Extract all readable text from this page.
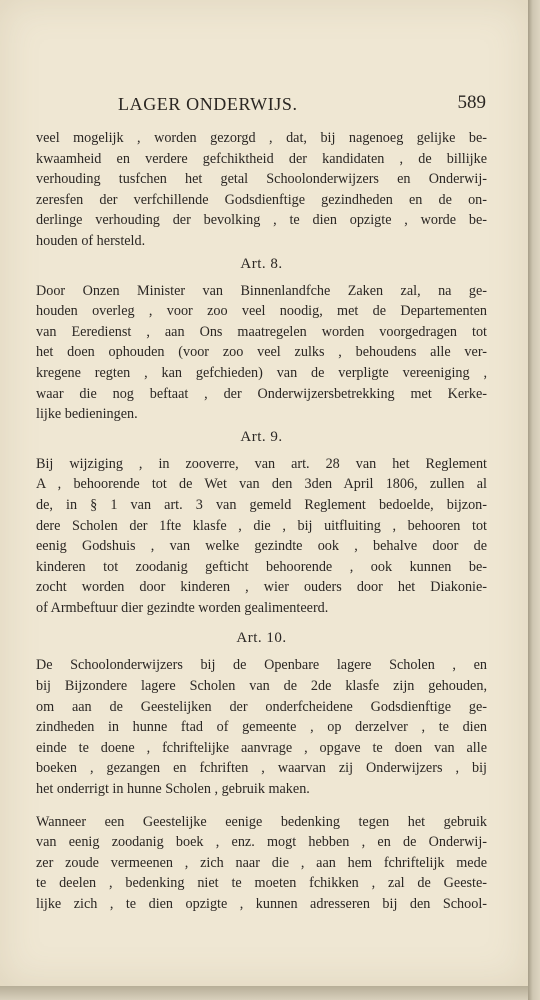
LAGER ONDERWIJS.	589
veel mogelijk , worden gezorgd , dat, bij nagenoeg gelijke be-
kwaamheid en verdere gefchiktheid der kandidaten , de billijke
verhouding tusfchen het getal Schoolonderwijzers en Onderwij-
zeresfen der verfchillende Godsdienftige gezindheden en de on-
derlinge verhouding der bevolking , te dien opzigte , worde be-
houden of hersteld.
Art. 8.
Door Onzen Minister van Binnenlandfche Zaken zal, na ge-
houden overleg , voor zoo veel noodig, met de Departementen
van Eeredienst , aan Ons maatregelen worden voorgedragen tot
het doen ophouden (voor zoo veel zulks , behoudens alle ver-
kregene regten , kan gefchieden) van de verpligte vereeniging ,
waar die nog beftaat , der Onderwijzersbetrekking met Kerke-
lijke bedieningen.
Art. 9.
Bij wijziging , in zooverre, van art. 28 van het Reglement
A , behoorende tot de Wet van den 3den April 1806, zullen al
de, in § 1 van art. 3 van gemeld Reglement bedoelde, bijzon-
dere Scholen der 1fte klasfe , die , bij uitfluiting , behooren tot
eenig Godshuis , van welke gezindte ook , behalve door de
kinderen tot zoodanig gefticht behoorende , ook kunnen be-
zocht worden door kinderen , wier ouders door het Diakonie-
of Armbeftuur dier gezindte worden gealimenteerd.
Art. 10.
De Schoolonderwijzers bij de Openbare lagere Scholen , en
bij Bijzondere lagere Scholen van de 2de klasfe zijn gehouden,
om aan de Geestelijken der onderfcheidene Godsdienftige ge-
zindheden in hunne ftad of gemeente , op derzelver , te dien
einde te doene , fchriftelijke aanvrage , opgave te doen van alle
boeken , gezangen en fchriften , waarvan zij Onderwijzers , bij
het onderrigt in hunne Scholen , gebruik maken.
Wanneer een Geestelijke eenige bedenking tegen het gebruik
van eenig zoodanig boek , enz. mogt hebben , en de Onderwij-
zer zoude vermeenen , zich naar die , aan hem fchriftelijk mede
te deelen , bedenking niet te moeten fchikken , zal de Geeste-
lijke zich , te dien opzigte , kunnen adresseren bij den School-
